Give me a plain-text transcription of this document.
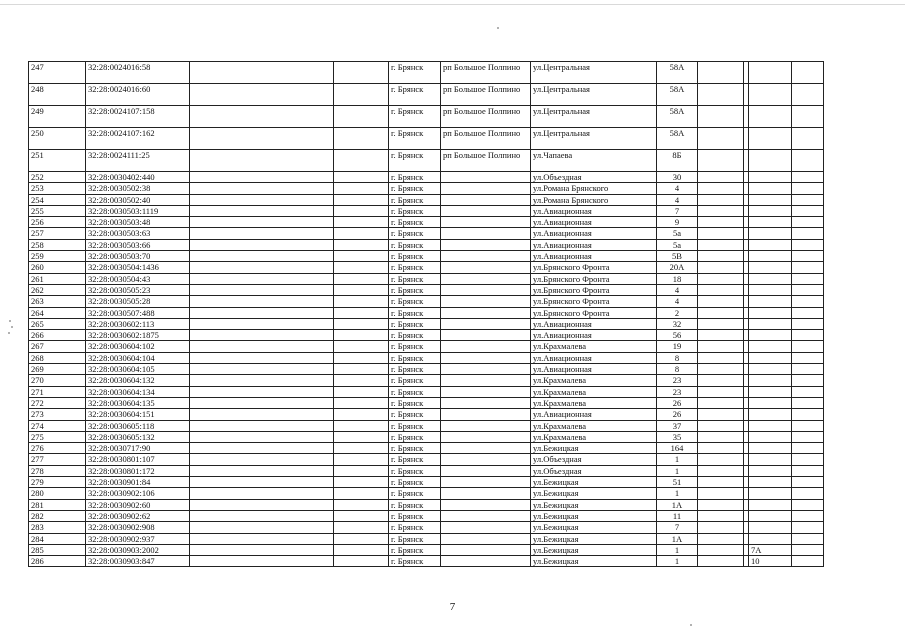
247	32:28:0024016:58			г. Брянск	рп Большое Полпино	ул.Центральная	58А				
248	32:28:0024016:60			г. Брянск	рп Большое Полпино	ул.Центральная	58А				
249	32:28:0024107:158			г. Брянск	рп Большое Полпино	ул.Центральная	58А				
250	32:28:0024107:162			г. Брянск	рп Большое Полпино	ул.Центральная	58А				
251	32:28:0024111:25			г. Брянск	рп Большое Полпино	ул.Чапаева	8Б				
252	32:28:0030402:440			г. Брянск		ул.Объездная	30				
253	32:28:0030502:38			г. Брянск		ул.Романа Брянского	4				
254	32:28:0030502:40			г. Брянск		ул.Романа Брянского	4				
255	32:28:0030503:1119			г. Брянск		ул.Авиационная	7				
256	32:28:0030503:48			г. Брянск		ул.Авиационная	9				
257	32:28:0030503:63			г. Брянск		ул.Авиационная	5а				
258	32:28:0030503:66			г. Брянск		ул.Авиационная	5а				
259	32:28:0030503:70			г. Брянск		ул.Авиационная	5В				
260	32:28:0030504:1436			г. Брянск		ул.Брянского Фронта	20А				
261	32:28:0030504:43			г. Брянск		ул.Брянского Фронта	18				
262	32:28:0030505:23			г. Брянск		ул.Брянского Фронта	4				
263	32:28:0030505:28			г. Брянск		ул.Брянского Фронта	4				
264	32:28:0030507:488			г. Брянск		ул.Брянского Фронта	2				
265	32:28:0030602:113			г. Брянск		ул.Авиационная	32				
266	32:28:0030602:1875			г. Брянск		ул.Авиационная	56				
267	32:28:0030604:102			г. Брянск		ул.Крахмалева	19				
268	32:28:0030604:104			г. Брянск		ул.Авиационная	8				
269	32:28:0030604:105			г. Брянск		ул.Авиационная	8				
270	32:28:0030604:132			г. Брянск		ул.Крахмалева	23				
271	32:28:0030604:134			г. Брянск		ул.Крахмалева	23				
272	32:28:0030604:135			г. Брянск		ул.Крахмалева	26				
273	32:28:0030604:151			г. Брянск		ул.Авиационная	26				
274	32:28:0030605:118			г. Брянск		ул.Крахмалева	37				
275	32:28:0030605:132			г. Брянск		ул.Крахмалева	35				
276	32:28:0030717:90			г. Брянск		ул.Бежицкая	164				
277	32:28:0030801:107			г. Брянск		ул.Объездная	1				
278	32:28:0030801:172			г. Брянск		ул.Объездная	1				
279	32:28:0030901:84			г. Брянск		ул.Бежицкая	51				
280	32:28:0030902:106			г. Брянск		ул.Бежицкая	1				
281	32:28:0030902:60			г. Брянск		ул.Бежицкая	1А				
282	32:28:0030902:62			г. Брянск		ул.Бежицкая	11				
283	32:28:0030902:908			г. Брянск		ул.Бежицкая	7				
284	32:28:0030902:937			г. Брянск		ул.Бежицкая	1А				
285	32:28:0030903:2002			г. Брянск		ул.Бежицкая	1			7А	
286	32:28:0030903:847			г. Брянск		ул.Бежицкая	1			10	
7
